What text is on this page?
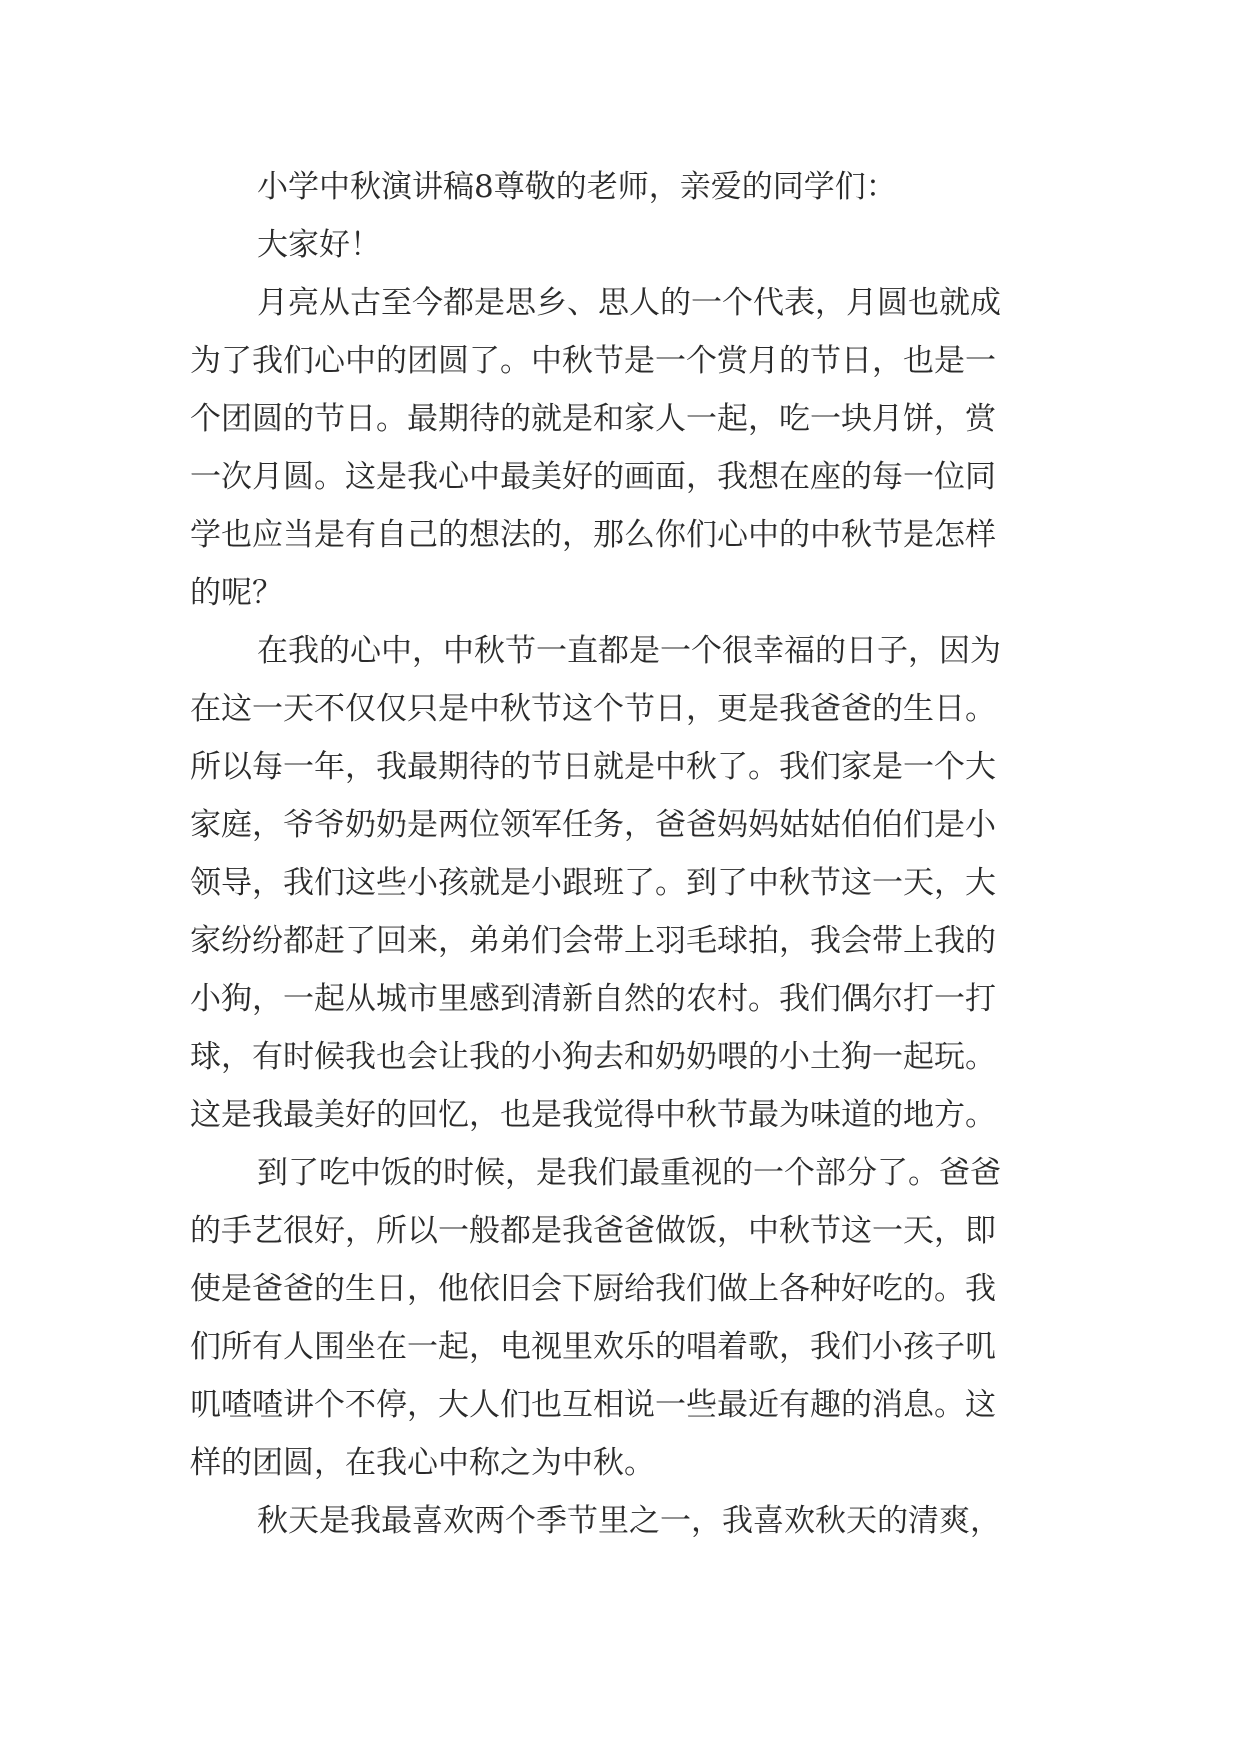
小学中秋演讲稿8尊敬的老师，亲爱的同学们：
大家好！
月亮从古至今都是思乡、思人的一个代表，月圆也就成
为了我们心中的团圆了。中秋节是一个赏月的节日，也是一
个团圆的节日。最期待的就是和家人一起，吃一块月饼，赏
一次月圆。这是我心中最美好的画面，我想在座的每一位同
学也应当是有自己的想法的，那么你们心中的中秋节是怎样
的呢？
在我的心中，中秋节一直都是一个很幸福的日子，因为
在这一天不仅仅只是中秋节这个节日，更是我爸爸的生日。
所以每一年，我最期待的节日就是中秋了。我们家是一个大
家庭，爷爷奶奶是两位领军任务，爸爸妈妈姑姑伯伯们是小
领导，我们这些小孩就是小跟班了。到了中秋节这一天，大
家纷纷都赶了回来，弟弟们会带上羽毛球拍，我会带上我的
小狗，一起从城市里感到清新自然的农村。我们偶尔打一打
球，有时候我也会让我的小狗去和奶奶喂的小土狗一起玩。
这是我最美好的回忆，也是我觉得中秋节最为味道的地方。
到了吃中饭的时候，是我们最重视的一个部分了。爸爸
的手艺很好，所以一般都是我爸爸做饭，中秋节这一天，即
使是爸爸的生日，他依旧会下厨给我们做上各种好吃的。我
们所有人围坐在一起，电视里欢乐的唱着歌，我们小孩子叽
叽喳喳讲个不停，大人们也互相说一些最近有趣的消息。这
样的团圆，在我心中称之为中秋。
秋天是我最喜欢两个季节里之一，我喜欢秋天的清爽，
